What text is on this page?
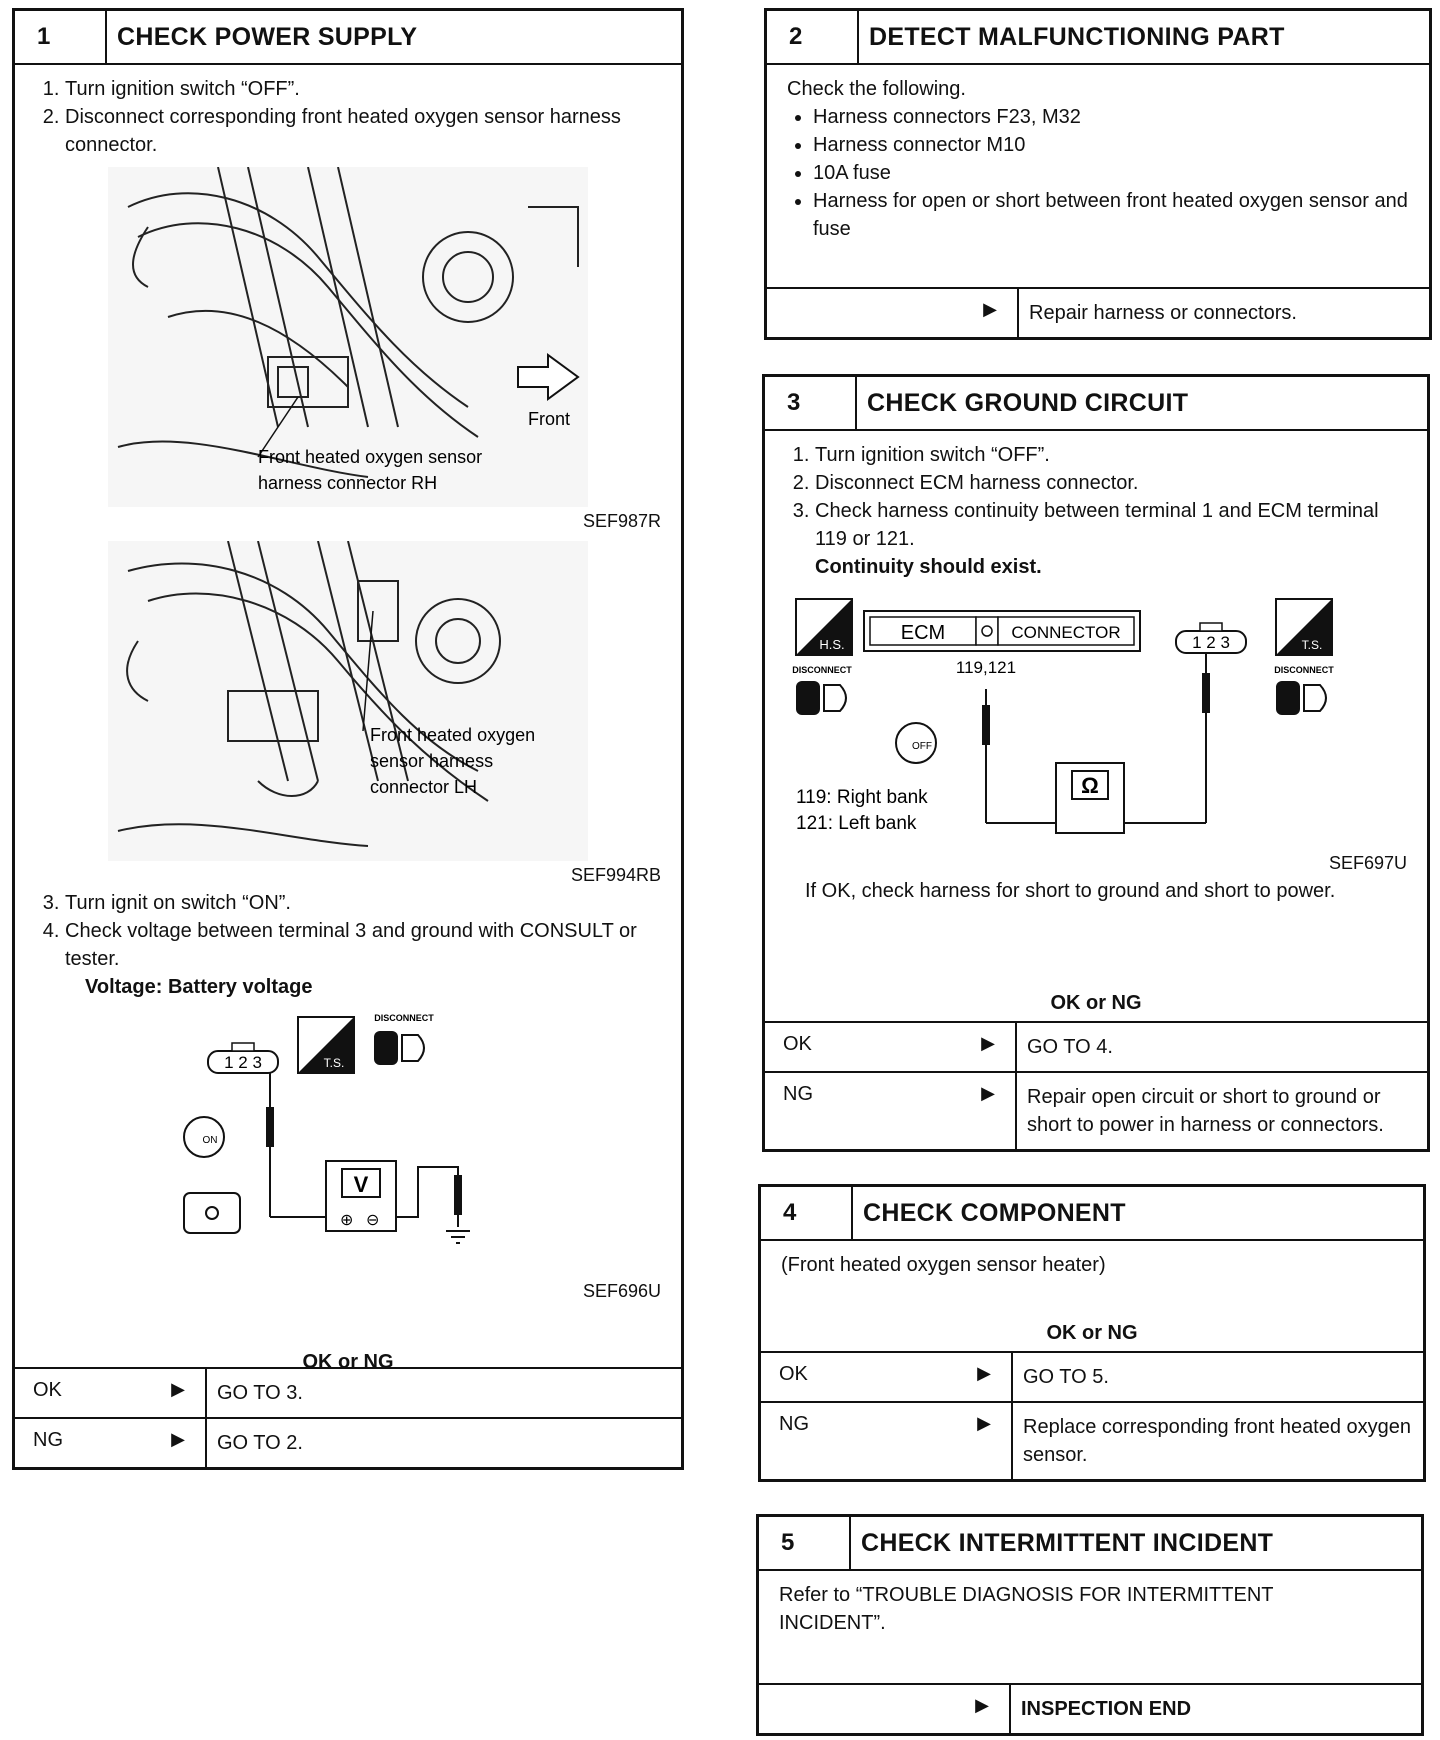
1	CHECK POWER SUPPLY
1. Turn ignition switch “OFF”.
2. Disconnect corresponding front heated oxygen sensor harness connector.
Front
Front heated oxygen sensor
harness connector RH
SEF987R
Front heated oxygen
sensor harness
connector LH
SEF994RB
3. Turn ignit on switch “ON”.
4. Check voltage between terminal 3 and ground with CONSULT or tester.
Voltage: Battery voltage
1 2 3	T.S.
DISCONNECT
V
⊕ ⊖
ON
SEF696U
OK or NG
OK	▶	GO TO 3.
NG	▶	GO TO 2.
2	DETECT MALFUNCTIONING PART
Check the following.
• Harness connectors F23, M32
• Harness connector M10
• 10A fuse
• Harness for open or short between front heated oxygen sensor and fuse
▶	Repair harness or connectors.
3	CHECK GROUND CIRCUIT
1. Turn ignition switch “OFF”.
2. Disconnect ECM harness connector.
3. Check harness continuity between terminal 1 and ECM terminal 119 or 121.
Continuity should exist.
H.S.
DISCONNECT
ECM	CONNECTOR
119,121
Ω
1 2 3	T.S.
DISCONNECT
OFF
119: Right bank
121: Left bank
SEF697U
If OK, check harness for short to ground and short to power.
OK or NG
OK	▶	GO TO 4.
NG	▶	Repair open circuit or short to ground or short to power in harness or connectors.
4	CHECK COMPONENT
(Front heated oxygen sensor heater)
OK or NG
OK	▶	GO TO 5.
NG	▶	Replace corresponding front heated oxygen sensor.
5	CHECK INTERMITTENT INCIDENT
Refer to “TROUBLE DIAGNOSIS FOR INTERMITTENT INCIDENT”.
▶	INSPECTION END
